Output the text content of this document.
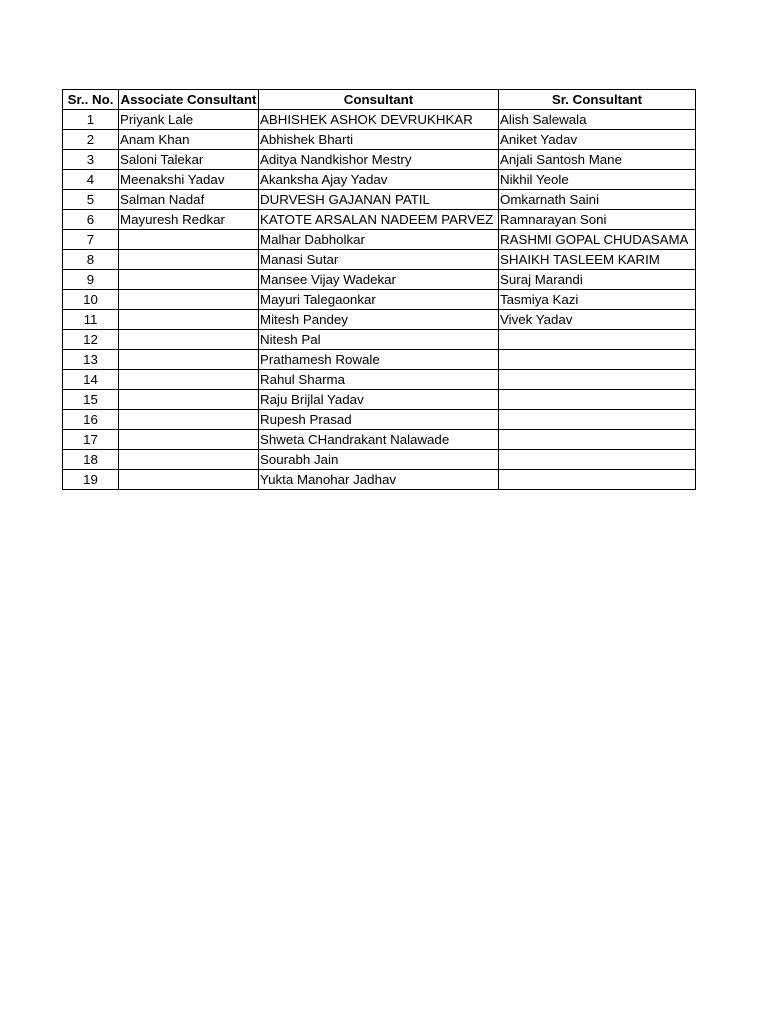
Sr.. No.	Associate Consultant	Consultant	Sr. Consultant
1	Priyank Lale	ABHISHEK ASHOK DEVRUKHKAR	Alish Salewala
2	Anam Khan	Abhishek Bharti	Aniket Yadav
3	Saloni Talekar	Aditya Nandkishor Mestry	Anjali Santosh Mane
4	Meenakshi Yadav	Akanksha Ajay Yadav	Nikhil Yeole
5	Salman Nadaf	DURVESH GAJANAN PATIL	Omkarnath Saini
6	Mayuresh Redkar	KATOTE ARSALAN NADEEM PARVEZ	Ramnarayan Soni
7		Malhar Dabholkar	RASHMI GOPAL CHUDASAMA
8		Manasi Sutar	SHAIKH TASLEEM KARIM
9		Mansee Vijay Wadekar	Suraj Marandi
10		Mayuri Talegaonkar	Tasmiya Kazi
11		Mitesh Pandey	Vivek Yadav
12		Nitesh Pal	
13		Prathamesh Rowale	
14		Rahul Sharma	
15		Raju Brijlal Yadav	
16		Rupesh Prasad	
17		Shweta CHandrakant Nalawade	
18		Sourabh Jain	
19		Yukta Manohar Jadhav	
